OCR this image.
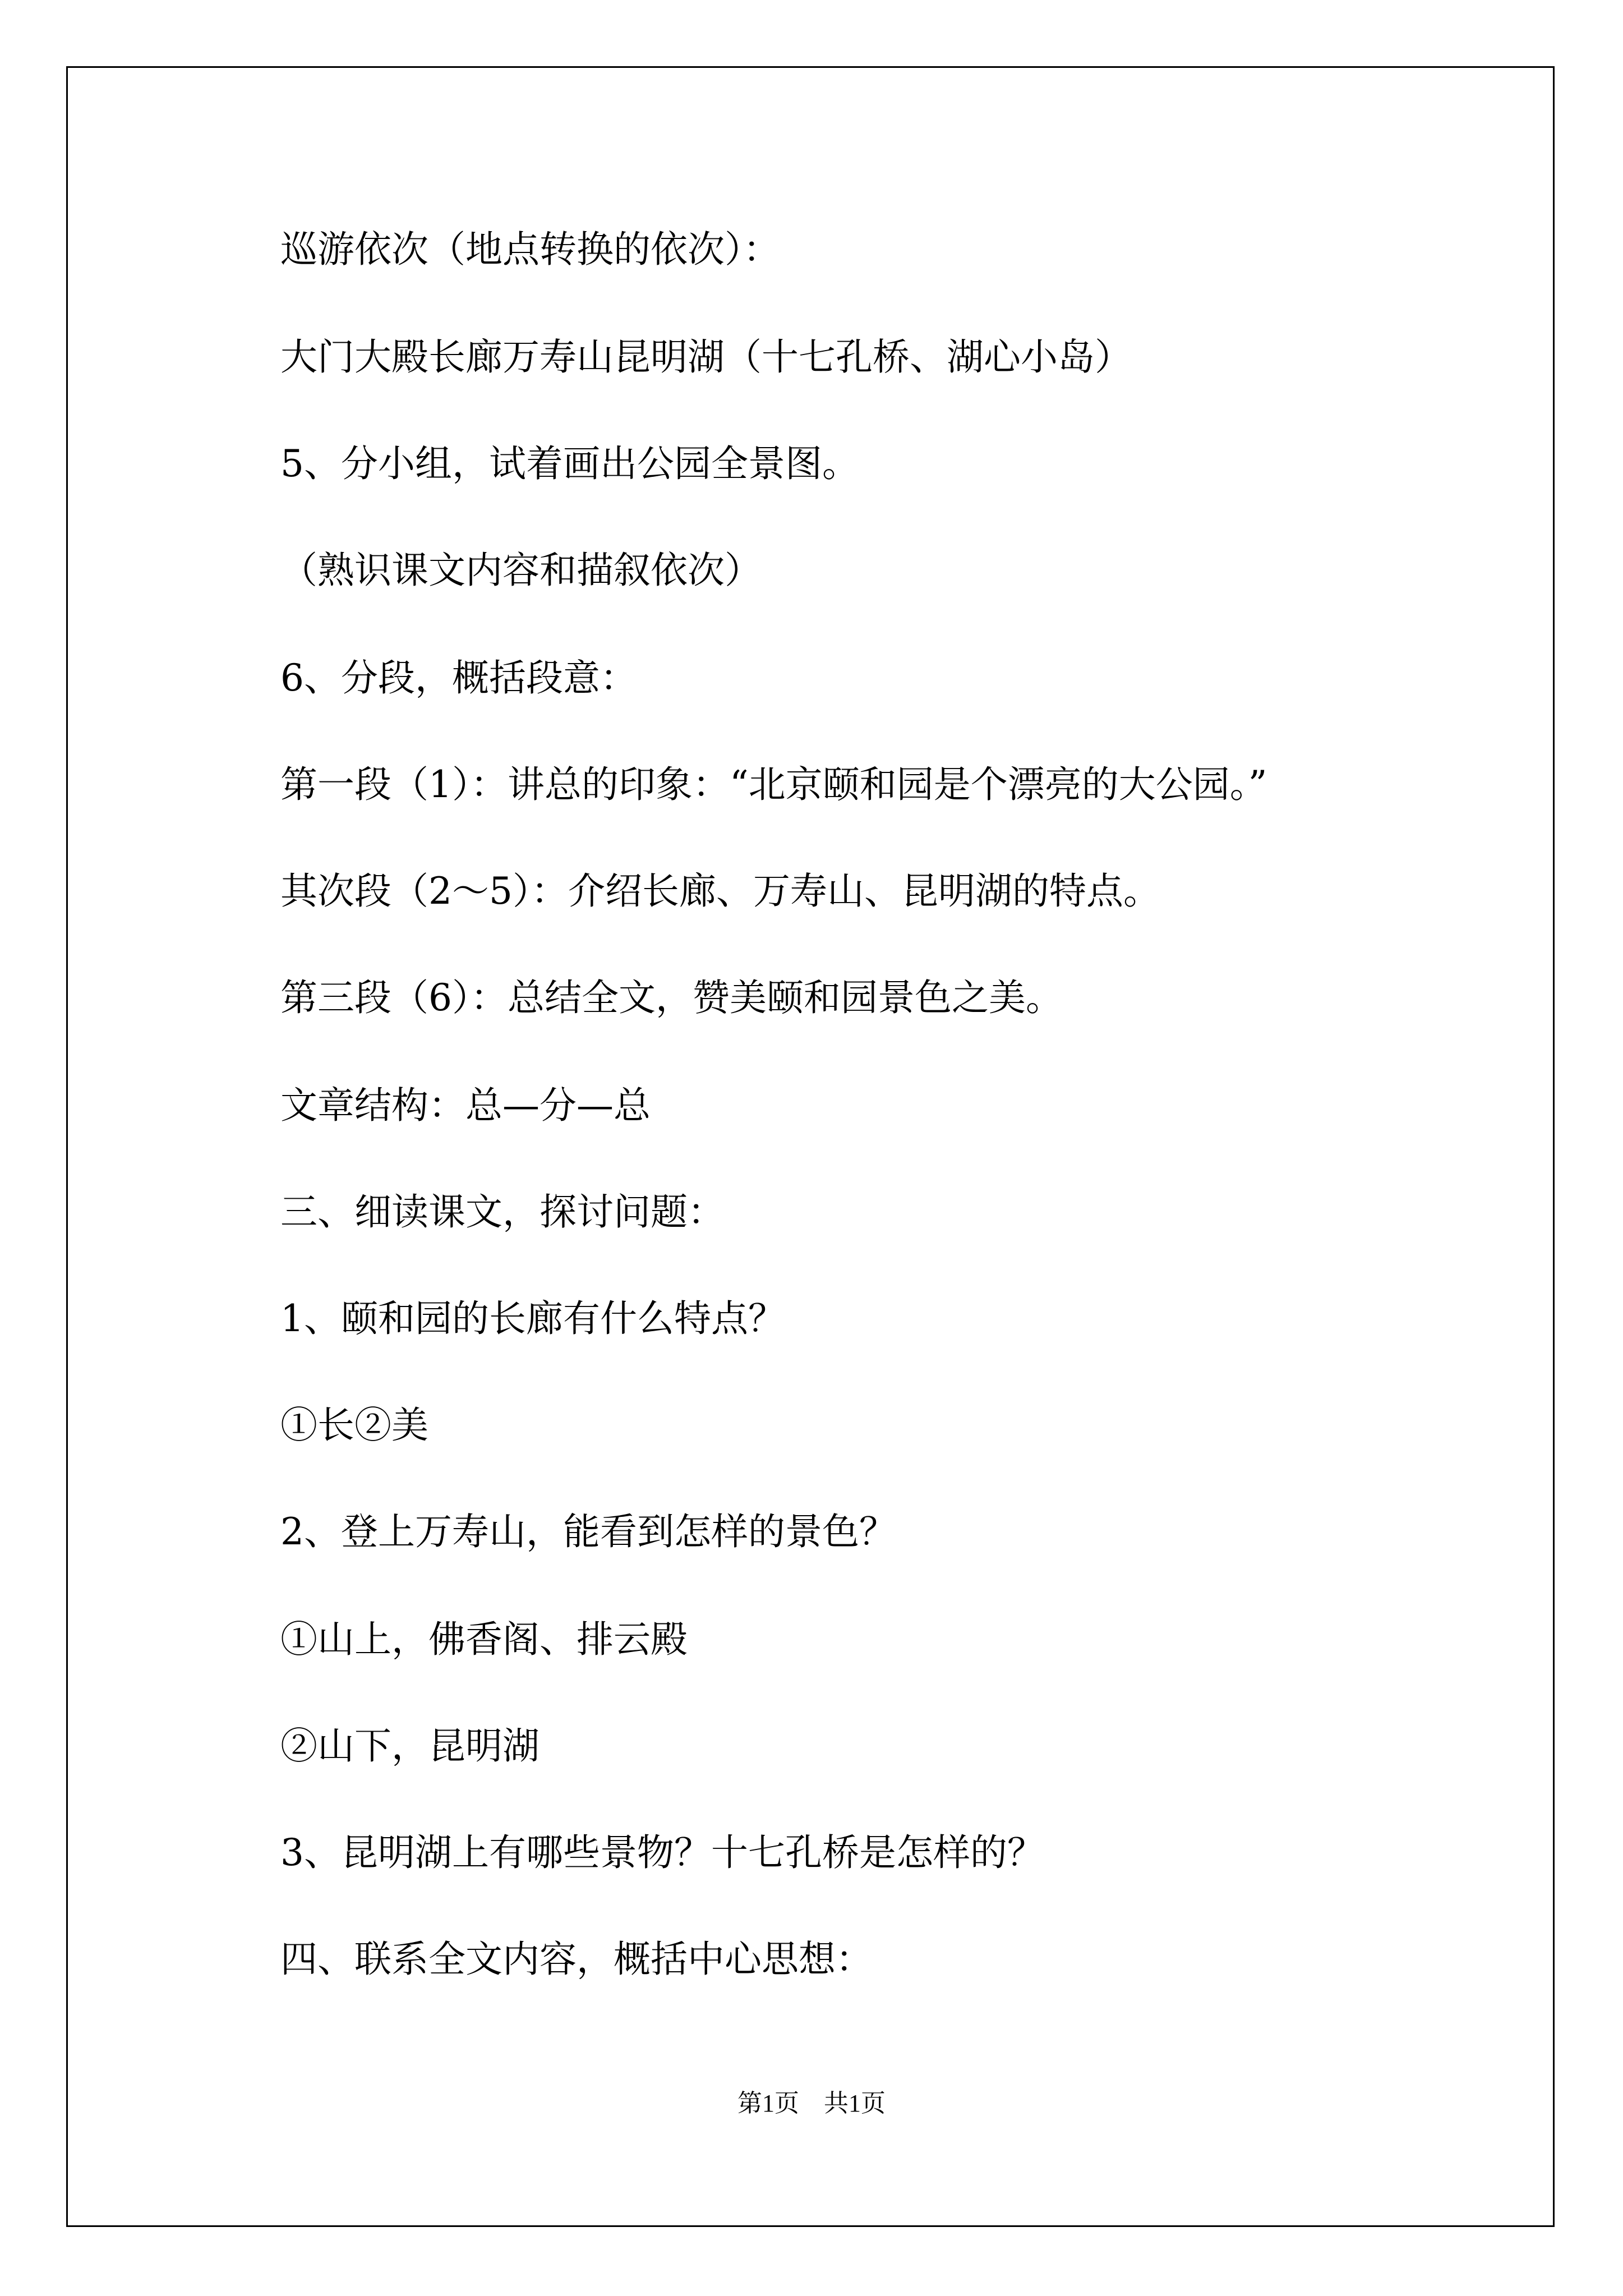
巡游依次（地点转换的依次）：
大门大殿长廊万寿山昆明湖（十七孔桥、湖心小岛）
5、分小组，试着画出公园全景图。
（熟识课文内容和描叙依次）
6、分段，概括段意：
第一段（1）：讲总的印象：“北京颐和园是个漂亮的大公园。”
其次段（2～5）：介绍长廊、万寿山、昆明湖的特点。
第三段（6）：总结全文，赞美颐和园景色之美。
文章结构：总—分—总
三、细读课文，探讨问题：
1、颐和园的长廊有什么特点？
①长②美
2、登上万寿山，能看到怎样的景色？
①山上，佛香阁、排云殿
②山下，昆明湖
3、昆明湖上有哪些景物？十七孔桥是怎样的？
四、联系全文内容，概括中心思想：
第1页　共1页
